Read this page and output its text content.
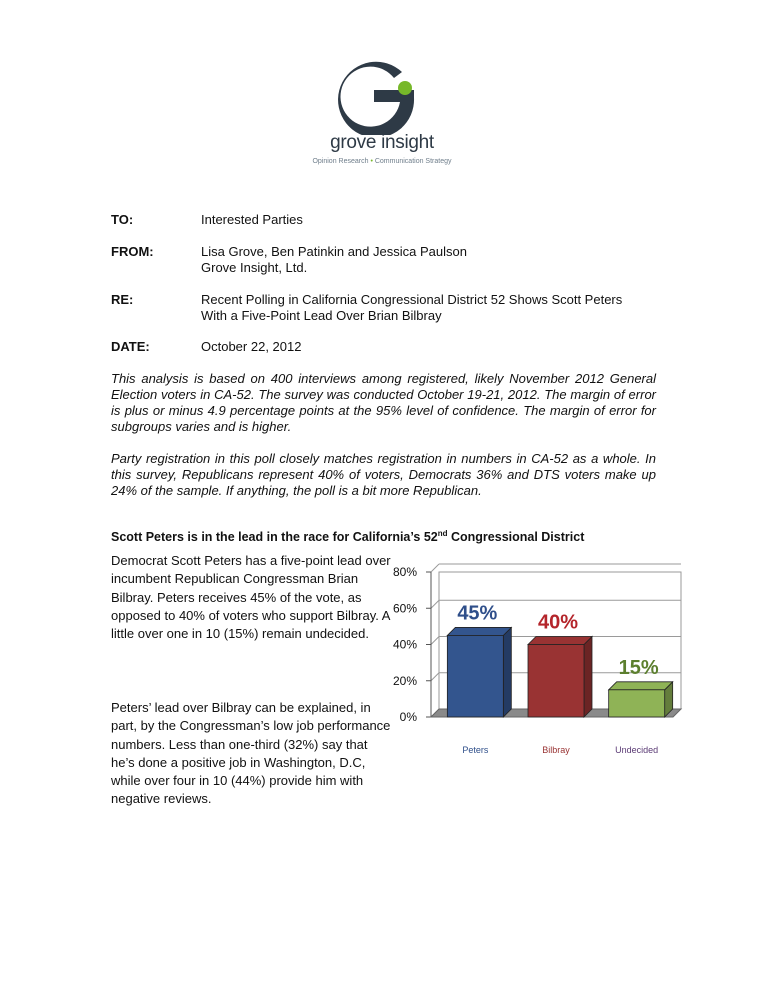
grove insight
Opinion Research • Communication Strategy
TO:	Interested Parties
FROM:	Lisa Grove, Ben Patinkin and Jessica Paulson
Grove Insight, Ltd.
RE:	Recent Polling in California Congressional District 52 Shows Scott Peters
With a Five-Point Lead Over Brian Bilbray
DATE:	October 22, 2012
This analysis is based on 400 interviews among registered, likely November 2012 General Election voters in CA-52. The survey was conducted October 19-21, 2012. The margin of error is plus or minus 4.9 percentage points at the 95% level of confidence. The margin of error for subgroups varies and is higher.
Party registration in this poll closely matches registration in numbers in CA-52 as a whole. In this survey, Republicans represent 40% of voters, Democrats 36% and DTS voters make up 24% of the sample. If anything, the poll is a bit more Republican.
Scott Peters is in the lead in the race for California’s 52nd Congressional District
Democrat Scott Peters has a five-point lead over incumbent Republican Congressman Brian Bilbray. Peters receives 45% of the vote, as opposed to 40% of voters who support Bilbray. A little over one in 10 (15%) remain undecided.
Peters’ lead over Bilbray can be explained, in part, by the Congressman’s low job performance numbers. Less than one-third (32%) say that he’s done a positive job in Washington, D.C, while over four in 10 (44%) provide him with negative reviews.
0%
20%
40%
60%
80%
45%
Peters
40%
Bilbray
15%
Undecided
